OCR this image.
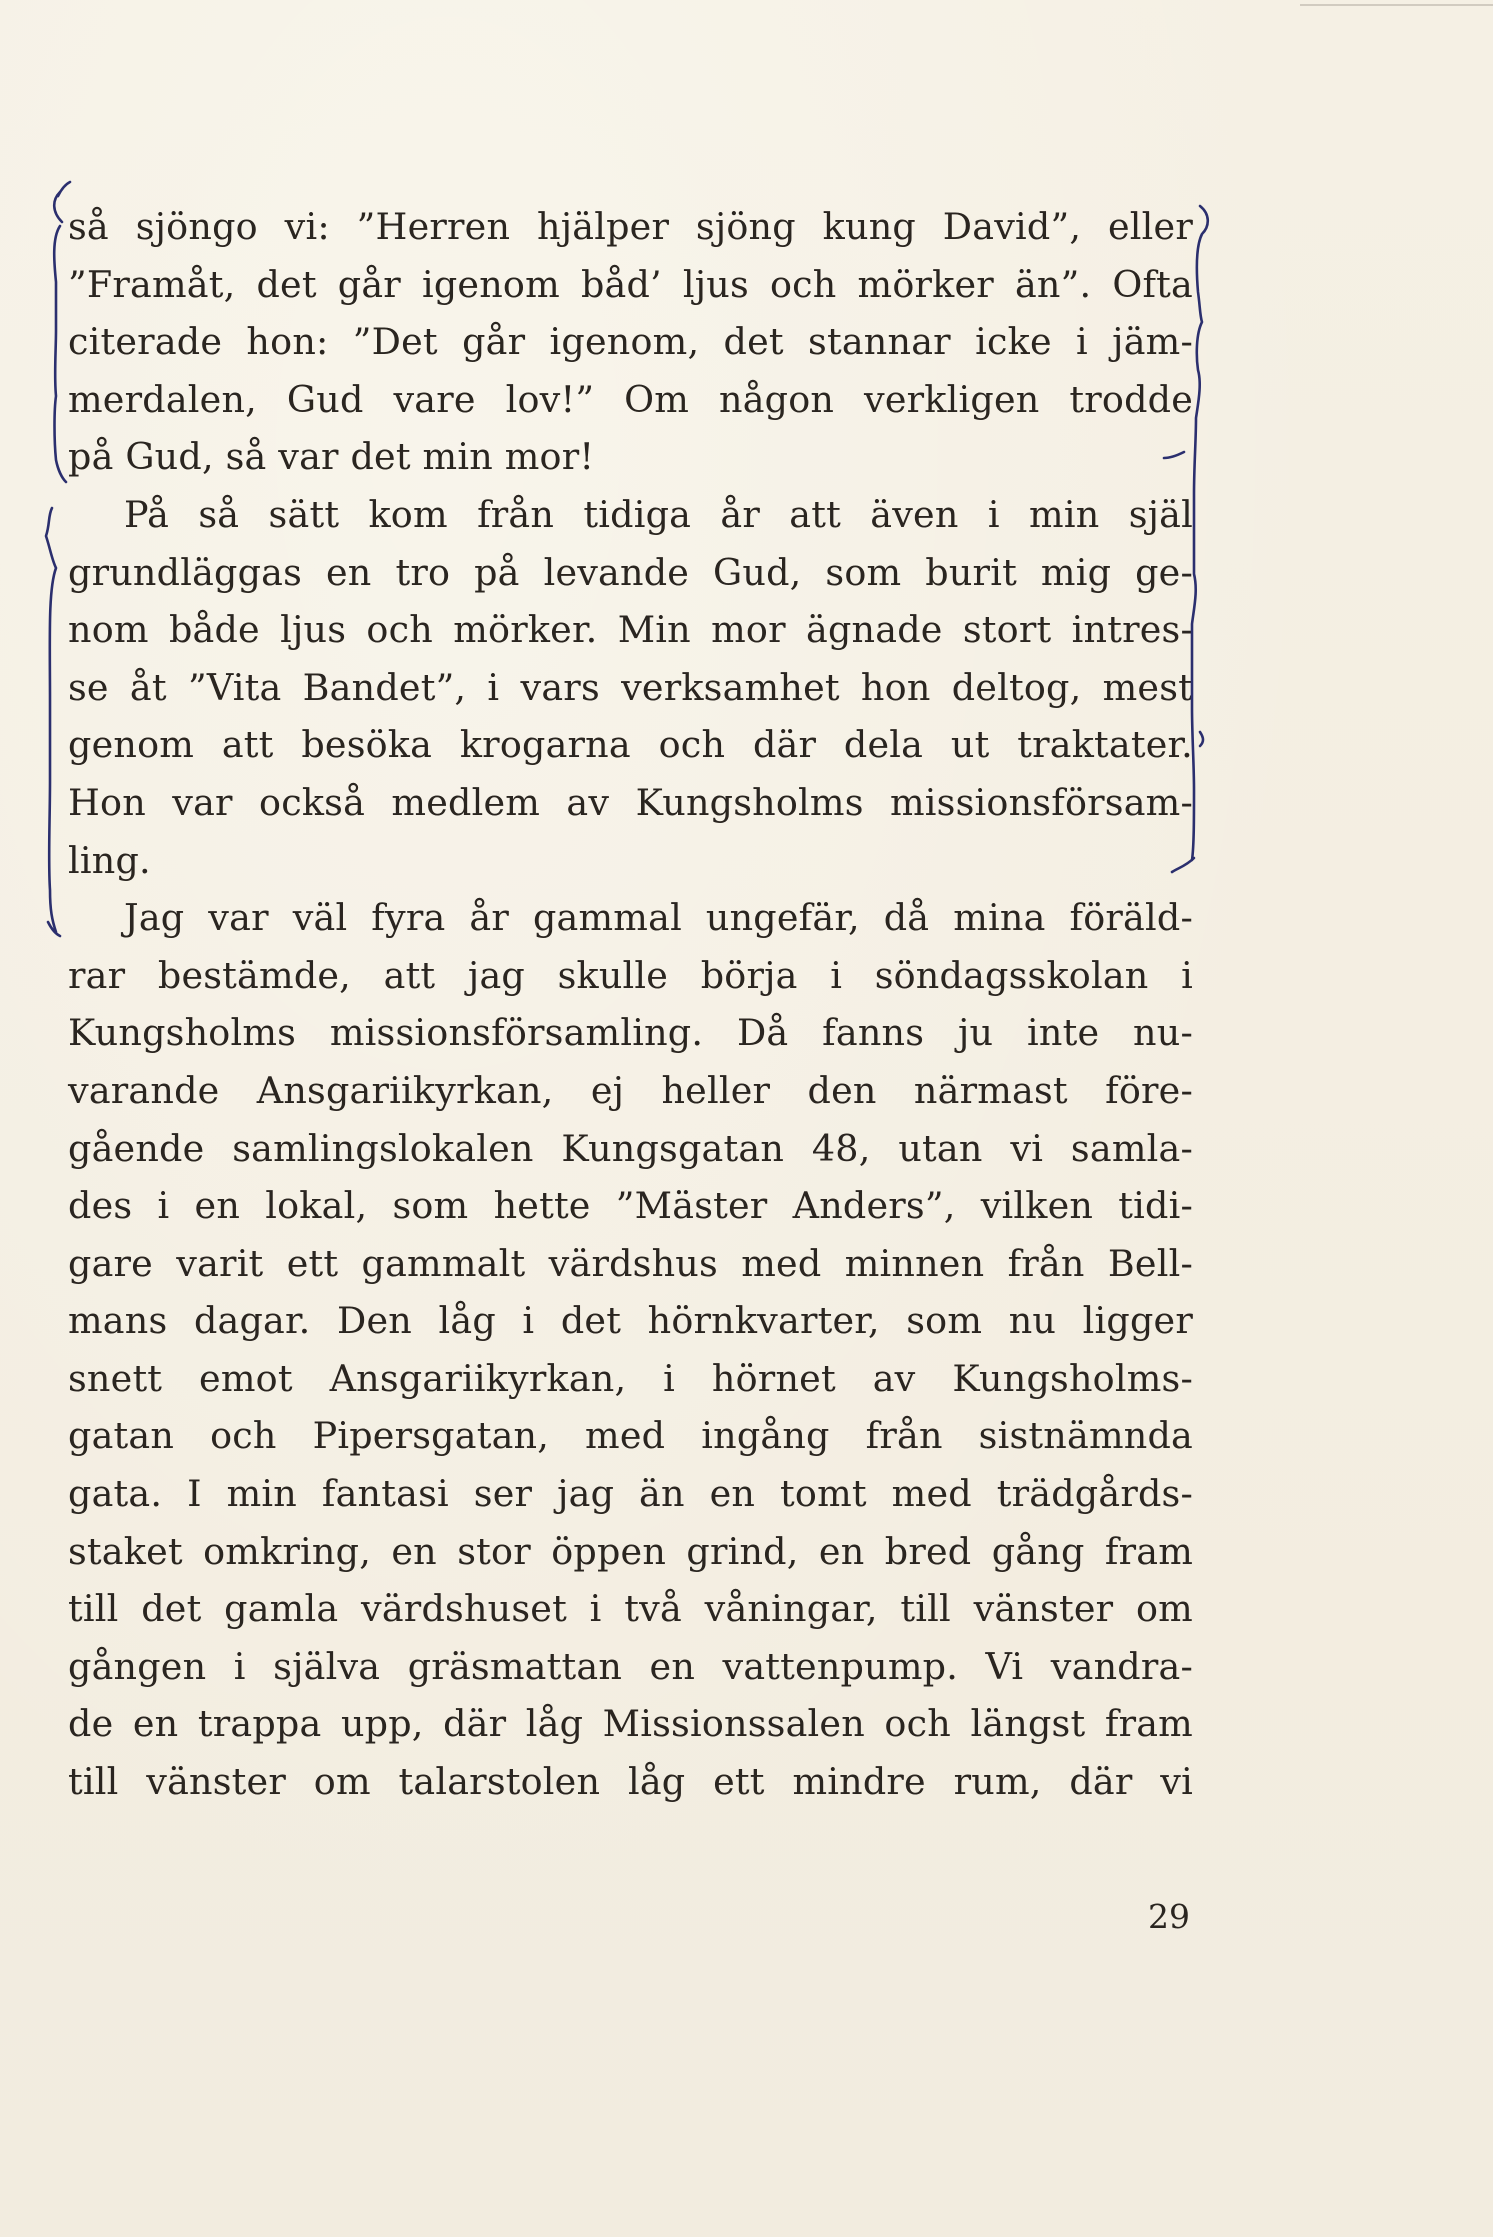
så sjöngo vi: ”Herren hjälper sjöng kung David”, eller
”Framåt, det går igenom båd’ ljus och mörker än”. Ofta
citerade hon: ”Det går igenom, det stannar icke i jäm-
merdalen, Gud vare lov!” Om någon verkligen trodde
på Gud, så var det min mor!
På så sätt kom från tidiga år att även i min själ
grundläggas en tro på levande Gud, som burit mig ge-
nom både ljus och mörker. Min mor ägnade stort intres-
se åt ”Vita Bandet”, i vars verksamhet hon deltog, mest
genom att besöka krogarna och där dela ut traktater.
Hon var också medlem av Kungsholms missionsförsam-
ling.
Jag var väl fyra år gammal ungefär, då mina föräld-
rar bestämde, att jag skulle börja i söndagsskolan i
Kungsholms missionsförsamling. Då fanns ju inte nu-
varande Ansgariikyrkan, ej heller den närmast före-
gående samlingslokalen Kungsgatan 48, utan vi samla-
des i en lokal, som hette ”Mäster Anders”, vilken tidi-
gare varit ett gammalt värdshus med minnen från Bell-
mans dagar. Den låg i det hörnkvarter, som nu ligger
snett emot Ansgariikyrkan, i hörnet av Kungsholms-
gatan och Pipersgatan, med ingång från sistnämnda
gata. I min fantasi ser jag än en tomt med trädgårds-
staket omkring, en stor öppen grind, en bred gång fram
till det gamla värdshuset i två våningar, till vänster om
gången i själva gräsmattan en vattenpump. Vi vandra-
de en trappa upp, där låg Missionssalen och längst fram
till vänster om talarstolen låg ett mindre rum, där vi
29
